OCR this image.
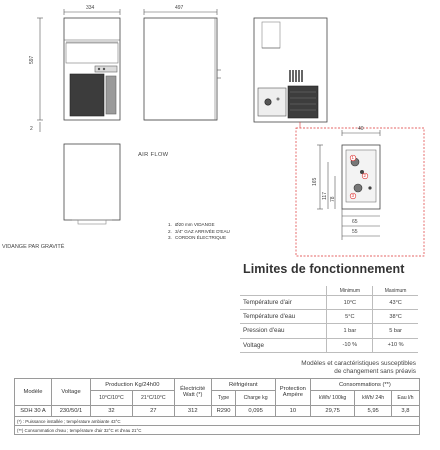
1
2
3
334	497
597
2	40
165
117 78
65
55
AIR FLOW
VIDANGE PAR GRAVITÉ
1. Ø20 mm VIDANGE
2. 3/4" GAZ ARRIVÉE D'EAU
3. CORDON ÉLECTRIQUE
Limites de fonctionnement
	Minimum	Maximum
Température d'air	10°C	43°C
Température d'eau	5°C	38°C
Pression d'eau	1 bar	5 bar
Voltage	-10 %	+10 %
Modèles et caractéristiques susceptibles
de changement sans préavis
Modèle	Voltage	Production Kg/24h00		Électricité Watt (*)	Réfrigérant		Protection Ampère	Consommations (**)		
		10°C/10°C	21°C/10°C		Type	Charge kg		kWh/ 100kg	kWh/ 24h	Eau l/h
SDH 30 A	230/50/1	32	27	312	R290	0,095	10	29,75	5,95	3,8
(*) : Puissance installée ; température ambiante 43°C										
(**) Consommation d'eau ; température d'air 32°C et d'eau 21°C										
